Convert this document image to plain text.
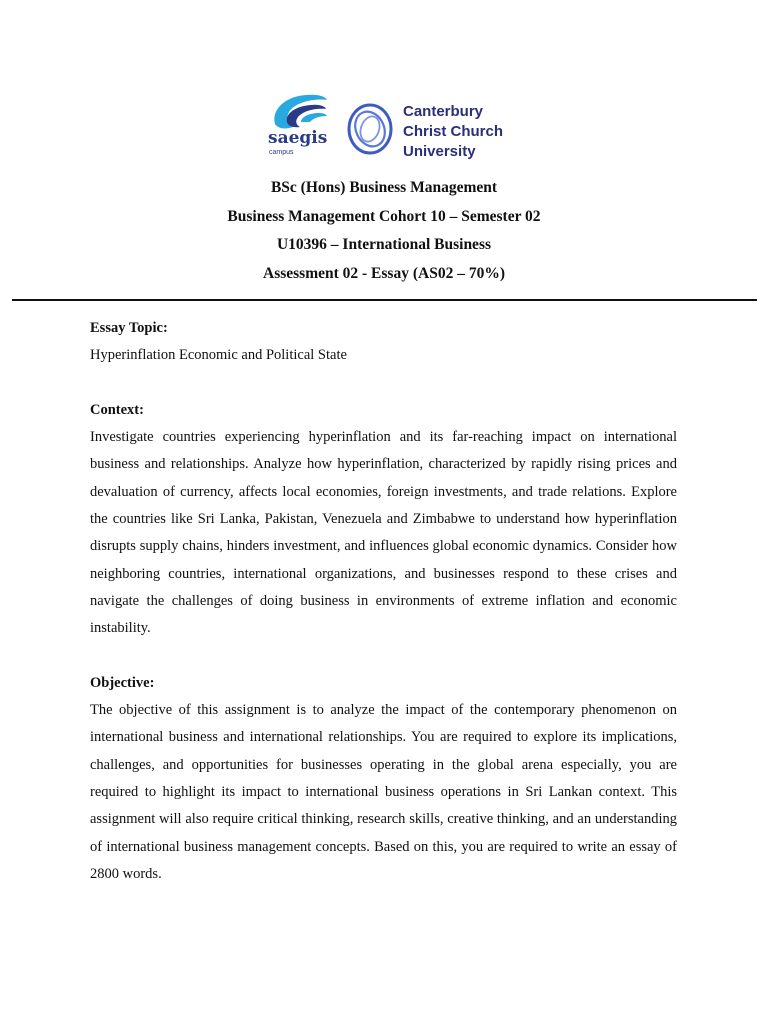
saegis
campus
Canterbury
Christ Church
University
BSc (Hons) Business Management
Business Management Cohort 10 – Semester 02
U10396 – International Business
Assessment 02 - Essay (AS02 – 70%)

Essay Topic:

Hyperinflation Economic and Political State

Context:

Investigate countries experiencing hyperinflation and its far-reaching impact on international business and relationships. Analyze how hyperinflation, characterized by rapidly rising prices and devaluation of currency, affects local economies, foreign investments, and trade relations. Explore the countries like Sri Lanka, Pakistan, Venezuela and Zimbabwe to understand how hyperinflation disrupts supply chains, hinders investment, and influences global economic dynamics. Consider how neighboring countries, international organizations, and businesses respond to these crises and navigate the challenges of doing business in environments of extreme inflation and economic instability.

Objective:

The objective of this assignment is to analyze the impact of the contemporary phenomenon on international business and international relationships. You are required to explore its implications, challenges, and opportunities for businesses operating in the global arena especially, you are required to highlight its impact to international business operations in Sri Lankan context. This assignment will also require critical thinking, research skills, creative thinking, and an understanding of international business management concepts. Based on this, you are required to write an essay of 2800 words.
